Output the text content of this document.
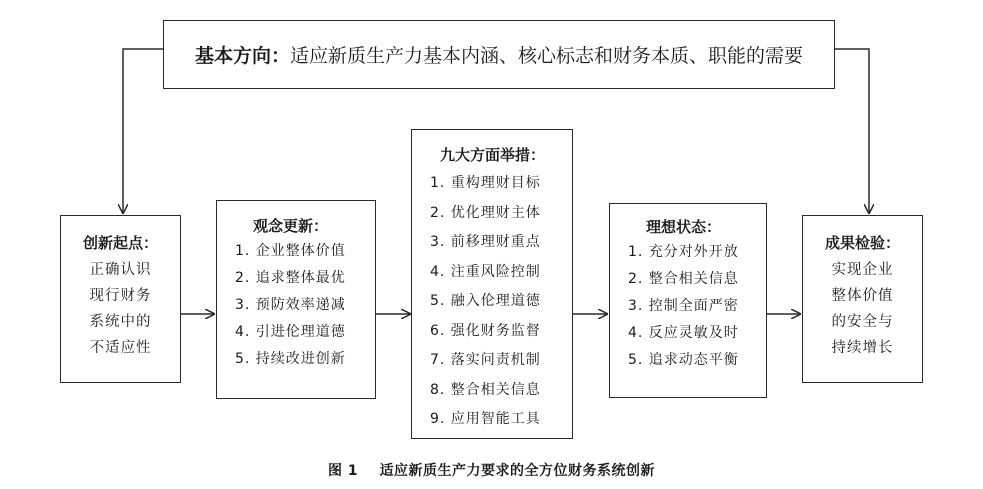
基本方向： 适应新质生产力基本内涵、核心标志和财务本质、职能的需要
创新起点：

正确认识

现行财务

系统中的

不适应性

观念更新：
1. 企业整体价值
2. 追求整体最优
3. 预防效率递减
4. 引进伦理道德
5. 持续改进创新
九大方面举措：
1. 重构理财目标
2. 优化理财主体
3. 前移理财重点
4. 注重风险控制
5. 融入伦理道德
6. 强化财务监督
7. 落实问责机制
8. 整合相关信息
9. 应用智能工具
理想状态：
1. 充分对外开放
2. 整合相关信息
3. 控制全面严密
4. 反应灵敏及时
5. 追求动态平衡
成果检验：

实现企业

整体价值

的安全与

持续增长

图 1 适应新质生产力要求的全方位财务系统创新
